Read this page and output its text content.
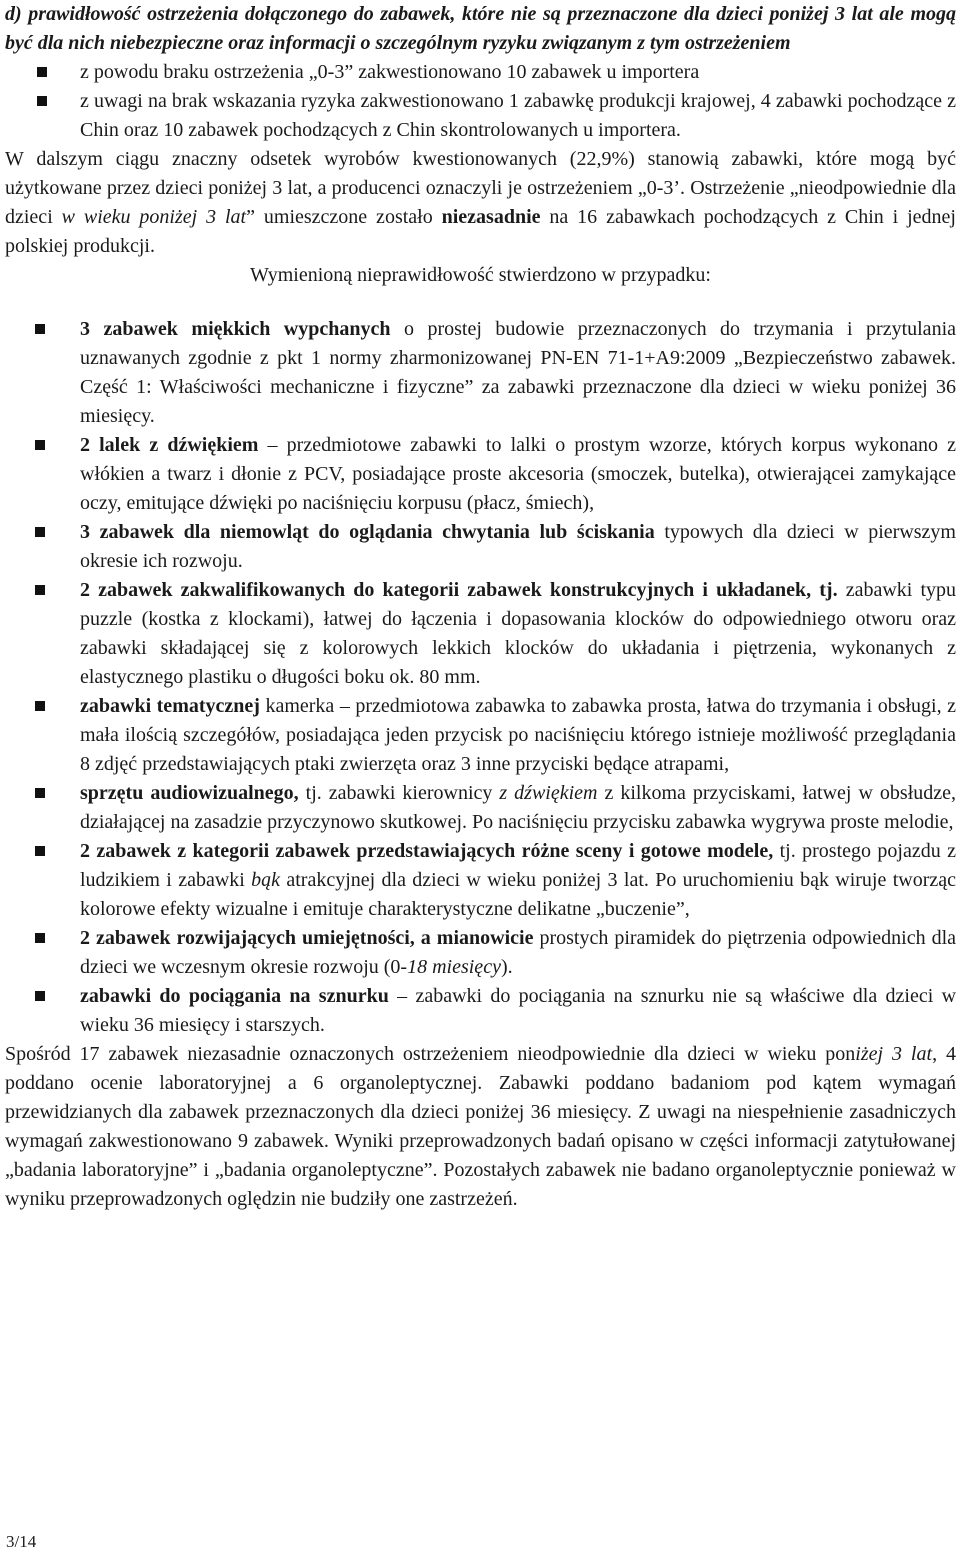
d) prawidłowość ostrzeżenia dołączonego do zabawek, które nie są przeznaczone dla dzieci poniżej 3 lat ale mogą być dla nich niebezpieczne oraz informacji o szczególnym ryzyku związanym z tym ostrzeżeniem

z powodu braku ostrzeżenia „0-3” zakwestionowano 10 zabawek u importera
z uwagi na brak wskazania ryzyka zakwestionowano 1 zabawkę produkcji krajowej, 4 zabawki pochodzące z Chin oraz 10 zabawek pochodzących z Chin skontrolowanych u importera.

W dalszym ciągu znaczny odsetek wyrobów kwestionowanych (22,9%) stanowią zabawki, które mogą być użytkowane przez dzieci poniżej 3 lat, a producenci oznaczyli je ostrzeżeniem „0-3’. Ostrzeżenie „nieodpowiednie dla dzieci w wieku poniżej 3 lat” umieszczone zostało niezasadnie na 16 zabawkach pochodzących z Chin i jednej polskiej produkcji.

Wymienioną nieprawidłowość stwierdzono w przypadku:

3 zabawek miękkich wypchanych o prostej budowie przeznaczonych do trzymania i przytulania uznawanych zgodnie z pkt 1 normy zharmonizowanej PN-EN 71-1+A9:2009 „Bezpieczeństwo zabawek. Część 1: Właściwości mechaniczne i fizyczne” za zabawki przeznaczone dla dzieci w wieku poniżej 36 miesięcy.
2 lalek z dźwiękiem – przedmiotowe zabawki to lalki o prostym wzorze, których korpus wykonano z włókien a twarz i dłonie z PCV, posiadające proste akcesoria (smoczek, butelka), otwierającei zamykające oczy, emitujące dźwięki po naciśnięciu korpusu (płacz, śmiech),
3 zabawek dla niemowląt do oglądania chwytania lub ściskania typowych dla dzieci w pierwszym okresie ich rozwoju.
2 zabawek zakwalifikowanych do kategorii zabawek konstrukcyjnych i układanek, tj. zabawki typu puzzle (kostka z klockami), łatwej do łączenia i dopasowania klocków do odpowiedniego otworu oraz zabawki składającej się z kolorowych lekkich klocków do układania i piętrzenia, wykonanych z elastycznego plastiku o długości boku ok. 80 mm.
zabawki tematycznej kamerka – przedmiotowa zabawka to zabawka prosta, łatwa do trzymania i obsługi, z mała ilością szczegółów, posiadająca jeden przycisk po naciśnięciu którego istnieje możliwość przeglądania 8 zdjęć przedstawiających ptaki zwierzęta oraz 3 inne przyciski będące atrapami,
sprzętu audiowizualnego, tj. zabawki kierownicy z dźwiękiem z kilkoma przyciskami, łatwej w obsłudze, działającej na zasadzie przyczynowo skutkowej. Po naciśnięciu przycisku zabawka wygrywa proste melodie,
2 zabawek z kategorii zabawek przedstawiających różne sceny i gotowe modele, tj. prostego pojazdu z ludzikiem i zabawki bąk atrakcyjnej dla dzieci w wieku poniżej 3 lat. Po uruchomieniu bąk wiruje tworząc kolorowe efekty wizualne i emituje charakterystyczne delikatne „buczenie”,
2 zabawek rozwijających umiejętności, a mianowicie prostych piramidek do piętrzenia odpowiednich dla dzieci we wczesnym okresie rozwoju (0-18 miesięcy).
zabawki do pociągania na sznurku – zabawki do pociągania na sznurku nie są właściwe dla dzieci w wieku 36 miesięcy i starszych.

Spośród 17 zabawek niezasadnie oznaczonych ostrzeżeniem nieodpowiednie dla dzieci w wieku poniżej 3 lat, 4 poddano ocenie laboratoryjnej a 6 organoleptycznej. Zabawki poddano badaniom pod kątem wymagań przewidzianych dla zabawek przeznaczonych dla dzieci poniżej 36 miesięcy. Z uwagi na niespełnienie zasadniczych wymagań zakwestionowano 9 zabawek. Wyniki przeprowadzonych badań opisano w części informacji zatytułowanej „badania laboratoryjne” i „badania organoleptyczne”. Pozostałych zabawek nie badano organoleptycznie ponieważ w wyniku przeprowadzonych oględzin nie budziły one zastrzeżeń.

3/14
